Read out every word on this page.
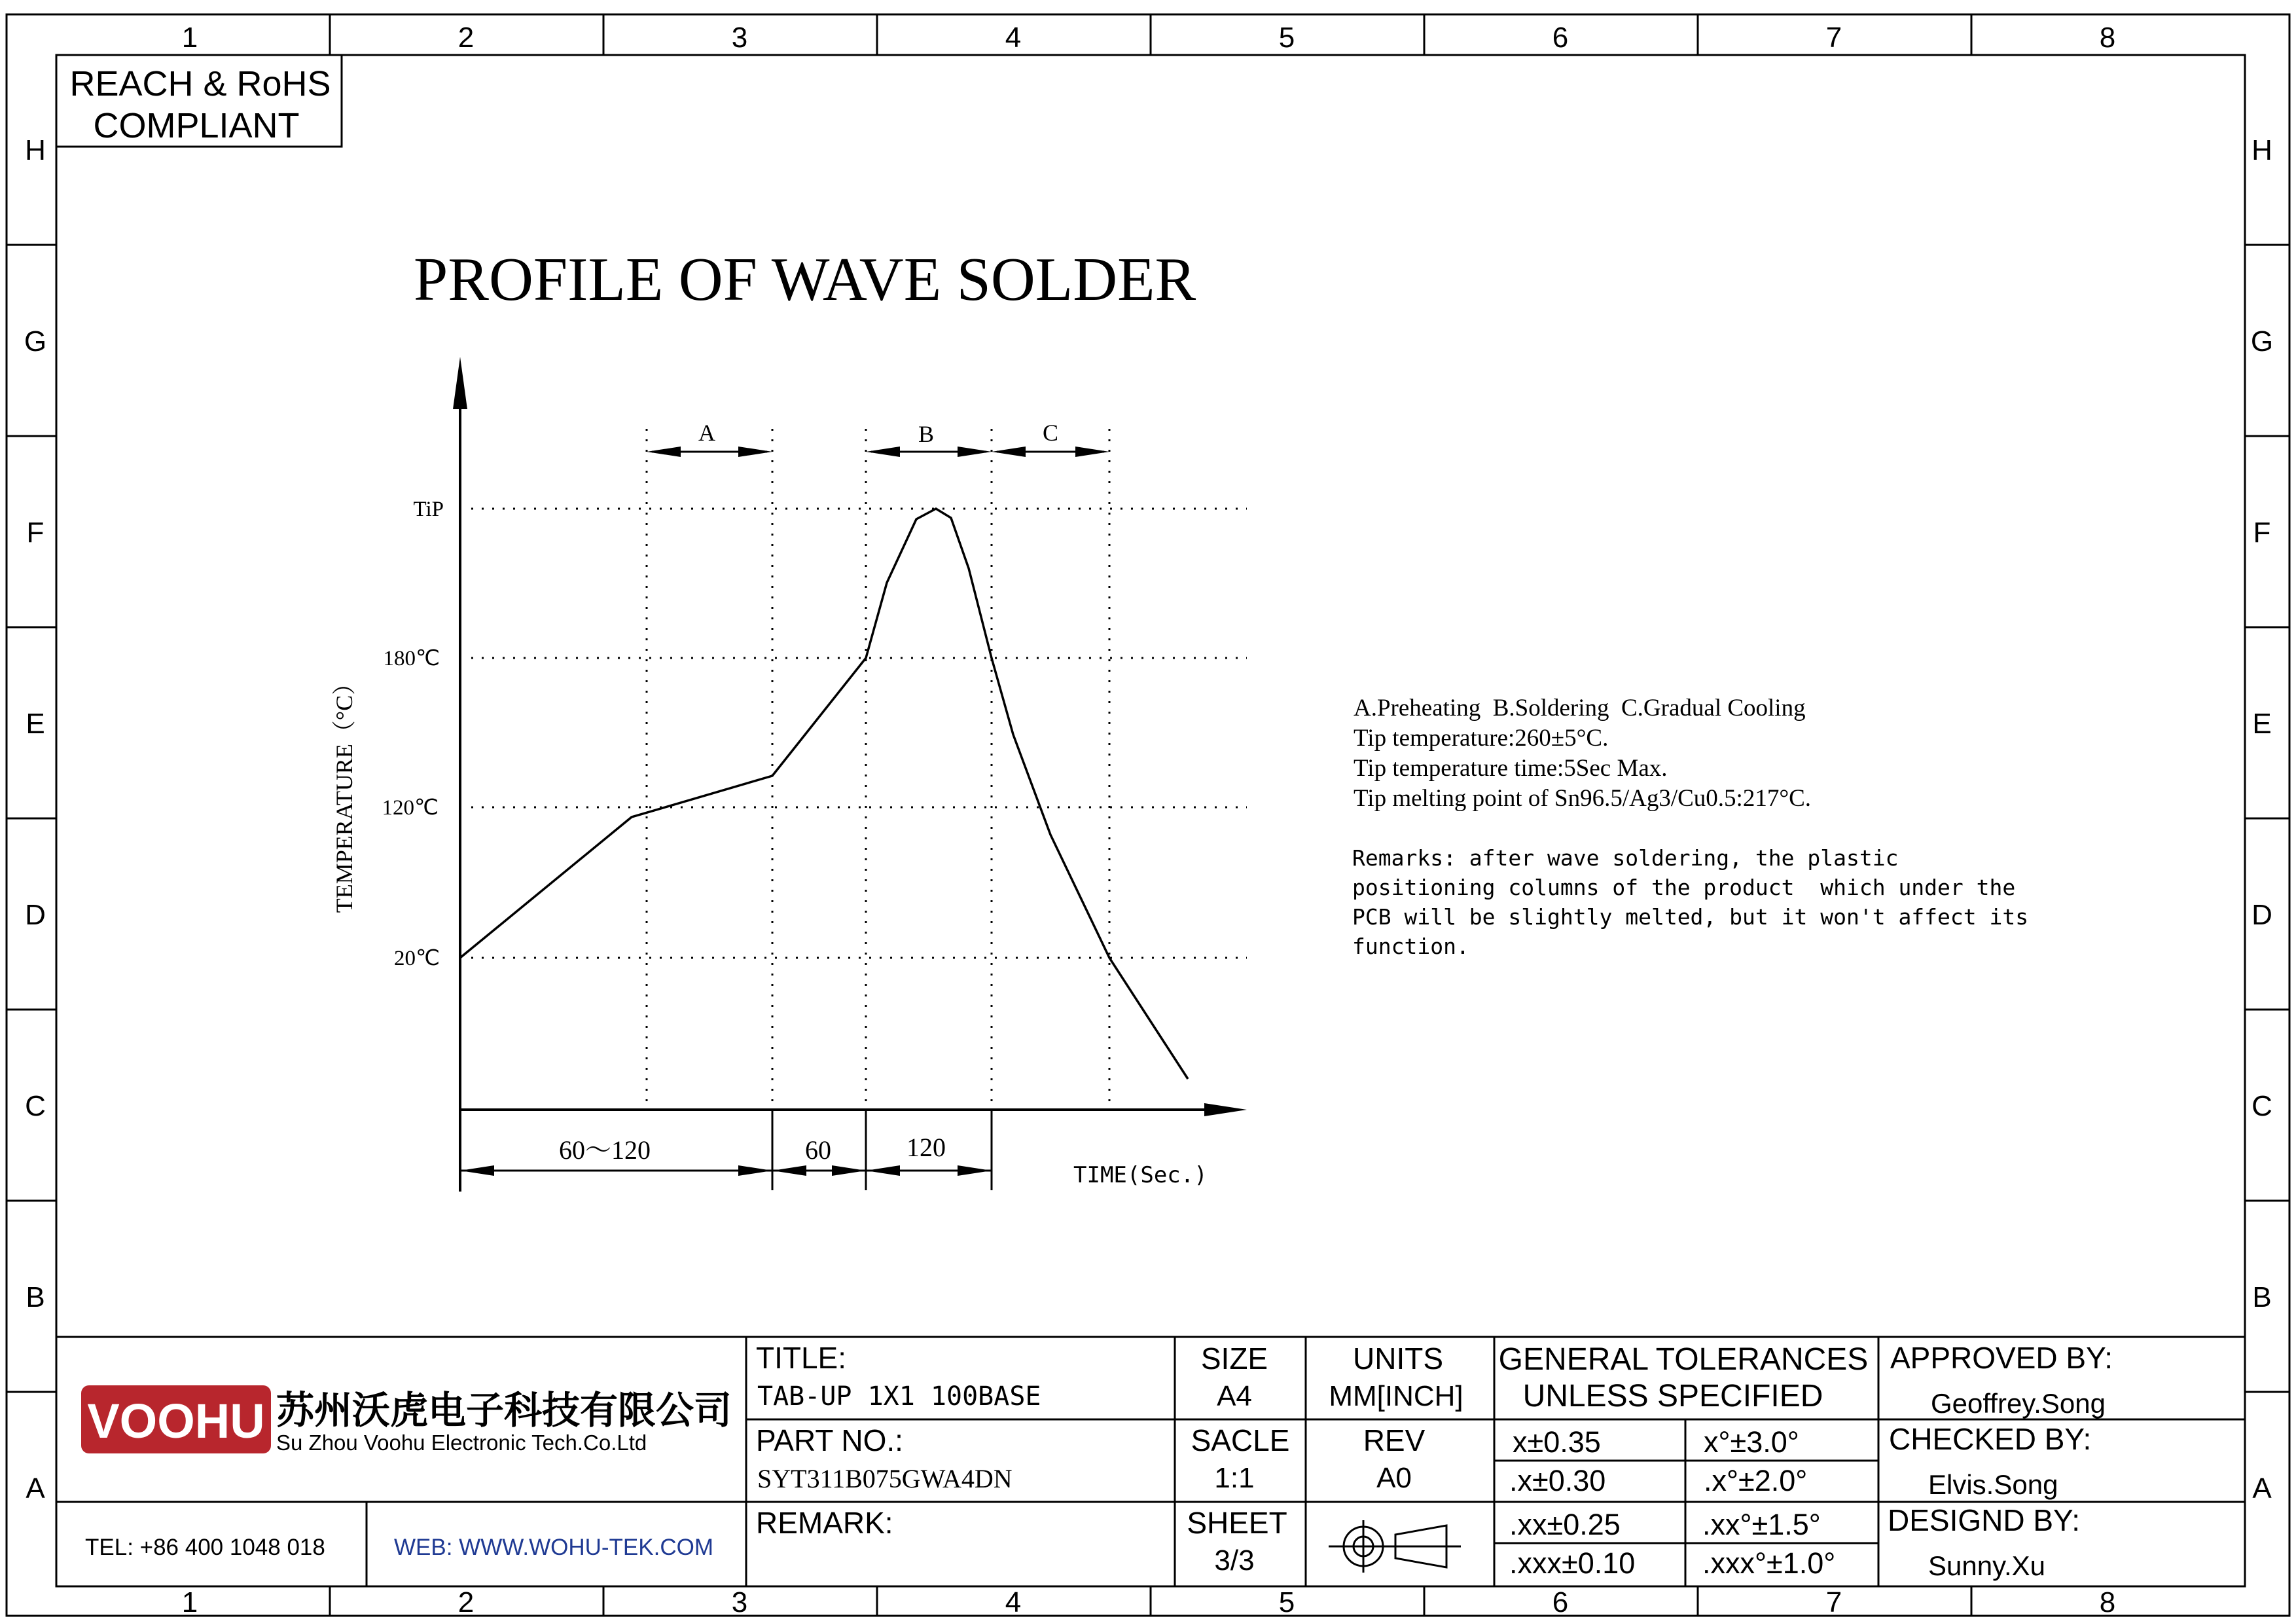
1	2	3	4	5	6	7	8
1	2	3	4	5	6	7	8
H
G
F
E
D
C
B
A
H
G
F
E
D
C
B
A
REACH & RoHS
COMPLIANT
PROFILE OF WAVE SOLDER
TiP
180℃
120℃
20℃
TEMPERATURE（°C）
TIME(Sec.)
A	B	C
60～120	60	120
A.Preheating  B.Soldering  C.Gradual Cooling
Tip temperature:260±5°C.
Tip temperature time:5Sec Max.
Tip melting point of Sn96.5/Ag3/Cu0.5:217°C.
Remarks: after wave soldering, the plastic
positioning columns of the product  which under the
PCB will be slightly melted, but it won't affect its
function.
VOOHU 苏州沃虎电子科技有限公司
Su Zhou Voohu Electronic Tech.Co.Ltd
TEL: +86 400 1048 018	WEB: WWW.WOHU-TEK.COM
TITLE:
TAB-UP 1X1 100BASE
PART NO.:
SYT311B075GWA4DN
REMARK:
SIZE
A4
SACLE
1:1
SHEET
3/3
UNITS
MM[INCH]
REV
A0
GENERAL TOLERANCES
UNLESS SPECIFIED
x±0.35	x°±3.0°
.x±0.30	.x°±2.0°
.xx±0.25	.xx°±1.5°
.xxx±0.10 .xxx°±1.0°
APPROVED BY:
Geoffrey.Song
CHECKED BY:
Elvis.Song
DESIGND BY:
Sunny.Xu
